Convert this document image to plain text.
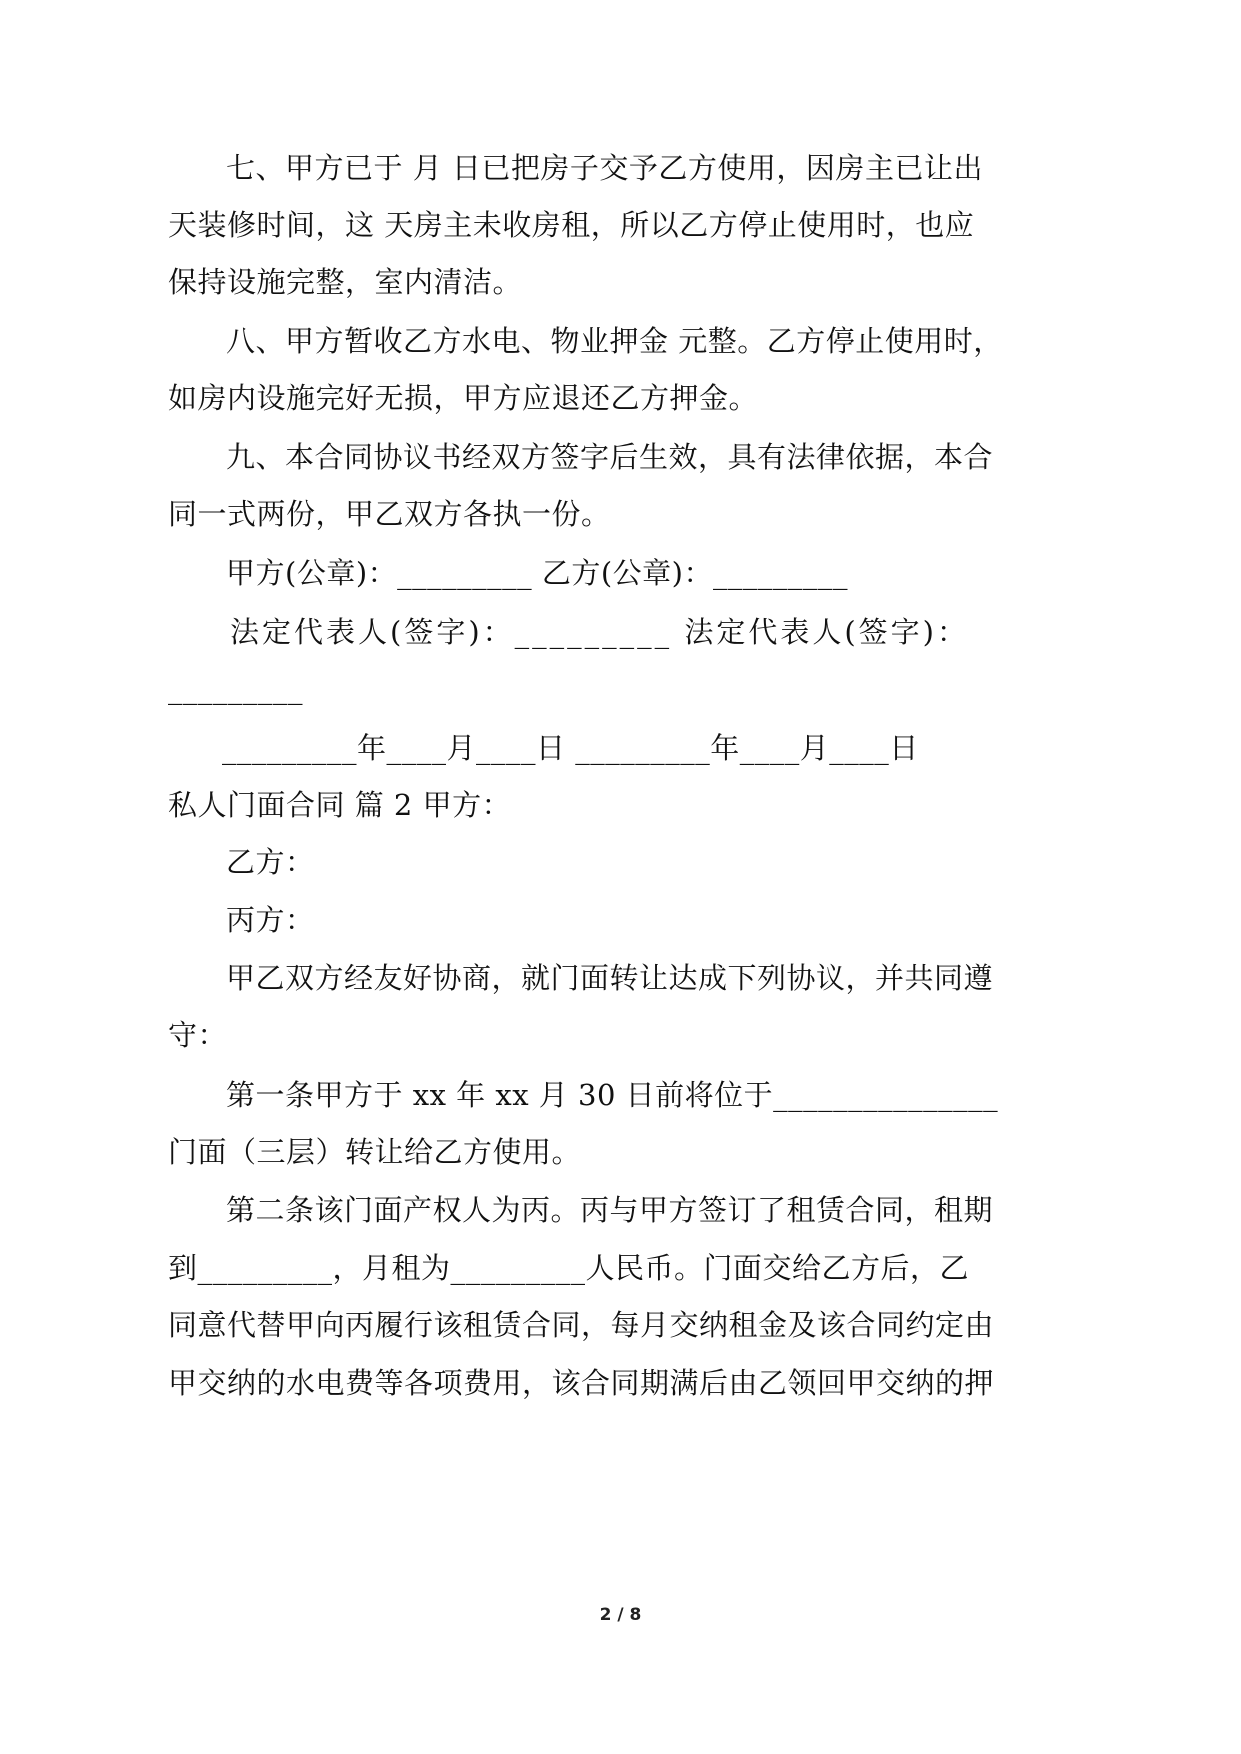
七、甲方已于 月 日已把房子交予乙方使用，因房主已让出
天装修时间，这 天房主未收房租，所以乙方停止使用时，也应
保持设施完整，室内清洁。
八、甲方暂收乙方水电、物业押金 元整。乙方停止使用时，
如房内设施完好无损，甲方应退还乙方押金。
九、本合同协议书经双方签字后生效，具有法律依据，本合
同一式两份，甲乙双方各执一份。
甲方(公章)：_________ 乙方(公章)：_________
法定代表人(签字)：_________ 法定代表人(签字)：
_________
_________年____月____日 _________年____月____日
私人门面合同 篇 2 甲方：
乙方：
丙方：
甲乙双方经友好协商，就门面转让达成下列协议，并共同遵
守：
第一条甲方于 xx 年 xx 月 30 日前将位于_______________
门面（三层）转让给乙方使用。
第二条该门面产权人为丙。丙与甲方签订了租赁合同，租期
到_________，月租为_________人民币。门面交给乙方后，乙
同意代替甲向丙履行该租赁合同，每月交纳租金及该合同约定由
甲交纳的水电费等各项费用，该合同期满后由乙领回甲交纳的押
2 / 8
